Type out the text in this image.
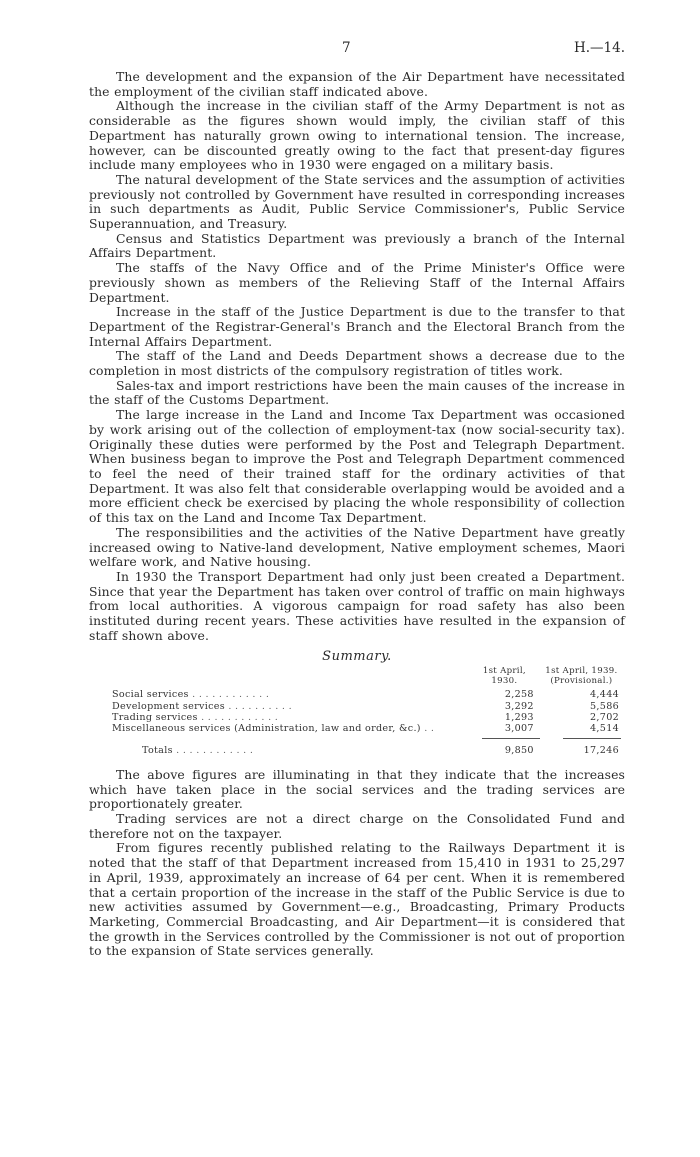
7	H.—14.

The development and the expansion of the Air Department have necessitated the employment of the civilian staff indicated above.

Although the increase in the civilian staff of the Army Department is not as considerable as the figures shown would imply, the civilian staff of this Department has naturally grown owing to international tension. The increase, however, can be discounted greatly owing to the fact that present-day figures include many employees who in 1930 were engaged on a military basis.

The natural development of the State services and the assumption of activities previously not controlled by Government have resulted in corresponding increases in such departments as Audit, Public Service Commissioner's, Public Service Superannuation, and Treasury.

Census and Statistics Department was previously a branch of the Internal Affairs Department.

The staffs of the Navy Office and of the Prime Minister's Office were previously shown as members of the Relieving Staff of the Internal Affairs Department.

Increase in the staff of the Justice Department is due to the transfer to that Department of the Registrar-General's Branch and the Electoral Branch from the Internal Affairs Department.

The staff of the Land and Deeds Department shows a decrease due to the completion in most districts of the compulsory registration of titles work.

Sales-tax and import restrictions have been the main causes of the increase in the staff of the Customs Department.

The large increase in the Land and Income Tax Department was occasioned by work arising out of the collection of employment-tax (now social-security tax). Originally these duties were performed by the Post and Telegraph Department. When business began to improve the Post and Telegraph Department commenced to feel the need of their trained staff for the ordinary activities of that Department. It was also felt that considerable overlapping would be avoided and a more efficient check be exercised by placing the whole responsibility of collection of this tax on the Land and Income Tax Department.

The responsibilities and the activities of the Native Department have greatly increased owing to Native-land development, Native employment schemes, Maori welfare work, and Native housing.

In 1930 the Transport Department had only just been created a Department. Since that year the Department has taken over control of traffic on main highways from local authorities. A vigorous campaign for road safety has also been instituted during recent years. These activities have resulted in the expansion of staff shown above.

Summary.
	1st April, 1930.	1st April, 1939.
(Provisional.)
Social services . . . . . . . . . . . .	2,258	4,444
Development services . . . . . . . . . .	3,292	5,586
Trading services . . . . . . . . . . . .	1,293	2,702
Miscellaneous services (Administration, law and order, &c.) . .	3,007	4,514
Totals . . . . . . . . . . . .	9,850	17,246

The above figures are illuminating in that they indicate that the increases which have taken place in the social services and the trading services are proportionately greater.

Trading services are not a direct charge on the Consolidated Fund and therefore not on the taxpayer.

From figures recently published relating to the Railways Department it is noted that the staff of that Department increased from 15,410 in 1931 to 25,297 in April, 1939, approximately an increase of 64 per cent. When it is remembered that a certain proportion of the increase in the staff of the Public Service is due to new activities assumed by Government—e.g., Broadcasting, Primary Products Marketing, Commercial Broadcasting, and Air Department—it is considered that the growth in the Services controlled by the Commissioner is not out of proportion to the expansion of State services generally.
